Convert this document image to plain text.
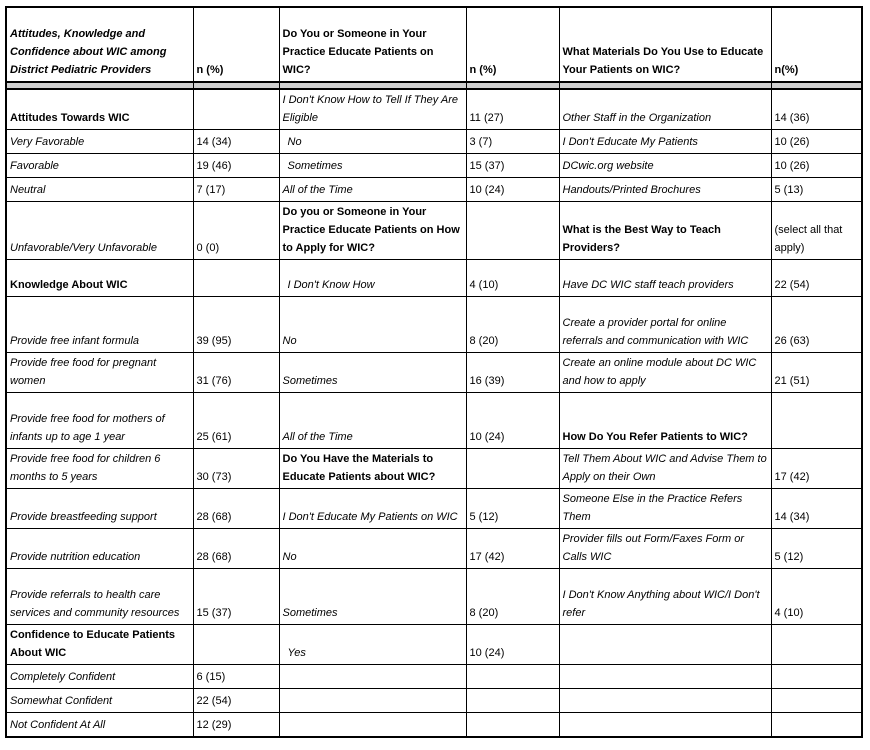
Attitudes, Knowledge and Confidence about WIC among District Pediatric Providers	n (%)	Do You or Someone in Your Practice Educate Patients on WIC?	n (%)	What Materials Do You Use to Educate Your Patients on WIC?	n(%)

Attitudes Towards WIC		I Don't Know How to Tell If They Are Eligible	11 (27)	Other Staff in the Organization	14 (36)
Very Favorable	14 (34)	No	3 (7)	I Don't Educate My Patients	10 (26)
Favorable	19 (46)	Sometimes	15 (37)	DCwic.org website	10 (26)
Neutral	7 (17)	All of the Time	10 (24)	Handouts/Printed Brochures	5 (13)
Unfavorable/Very Unfavorable	0 (0)	Do you or Someone in Your Practice Educate Patients on How to Apply for WIC?		What is the Best Way to Teach Providers?	(select all that apply)
Knowledge About WIC		I Don't Know How	4 (10)	Have DC WIC staff teach providers	22 (54)
Provide free infant formula	39 (95)	No	8 (20)	Create a provider portal for online referrals and communication with WIC	26 (63)
Provide free food for pregnant women	31 (76)	Sometimes	16 (39)	Create an online module about DC WIC and how to apply	21 (51)
Provide free food for mothers of infants up to age 1 year	25 (61)	All of the Time	10 (24)	How Do You Refer Patients to WIC?	
Provide free food for children 6 months to 5 years	30 (73)	Do You Have the Materials to Educate Patients about WIC?		Tell Them About WIC and Advise Them to Apply on their Own	17 (42)
Provide breastfeeding support	28 (68)	I Don't Educate My Patients on WIC	5 (12)	Someone Else in the Practice Refers Them	14 (34)
Provide nutrition education	28 (68)	No	17 (42)	Provider fills out Form/Faxes Form or Calls WIC	5 (12)
Provide referrals to health care services and community resources	15 (37)	Sometimes	8 (20)	I Don't Know Anything about WIC/I Don't refer	4 (10)
Confidence to Educate Patients About WIC		Yes	10 (24)		
Completely Confident	6 (15)				
Somewhat Confident	22 (54)				
Not Confident At All	12 (29)				
